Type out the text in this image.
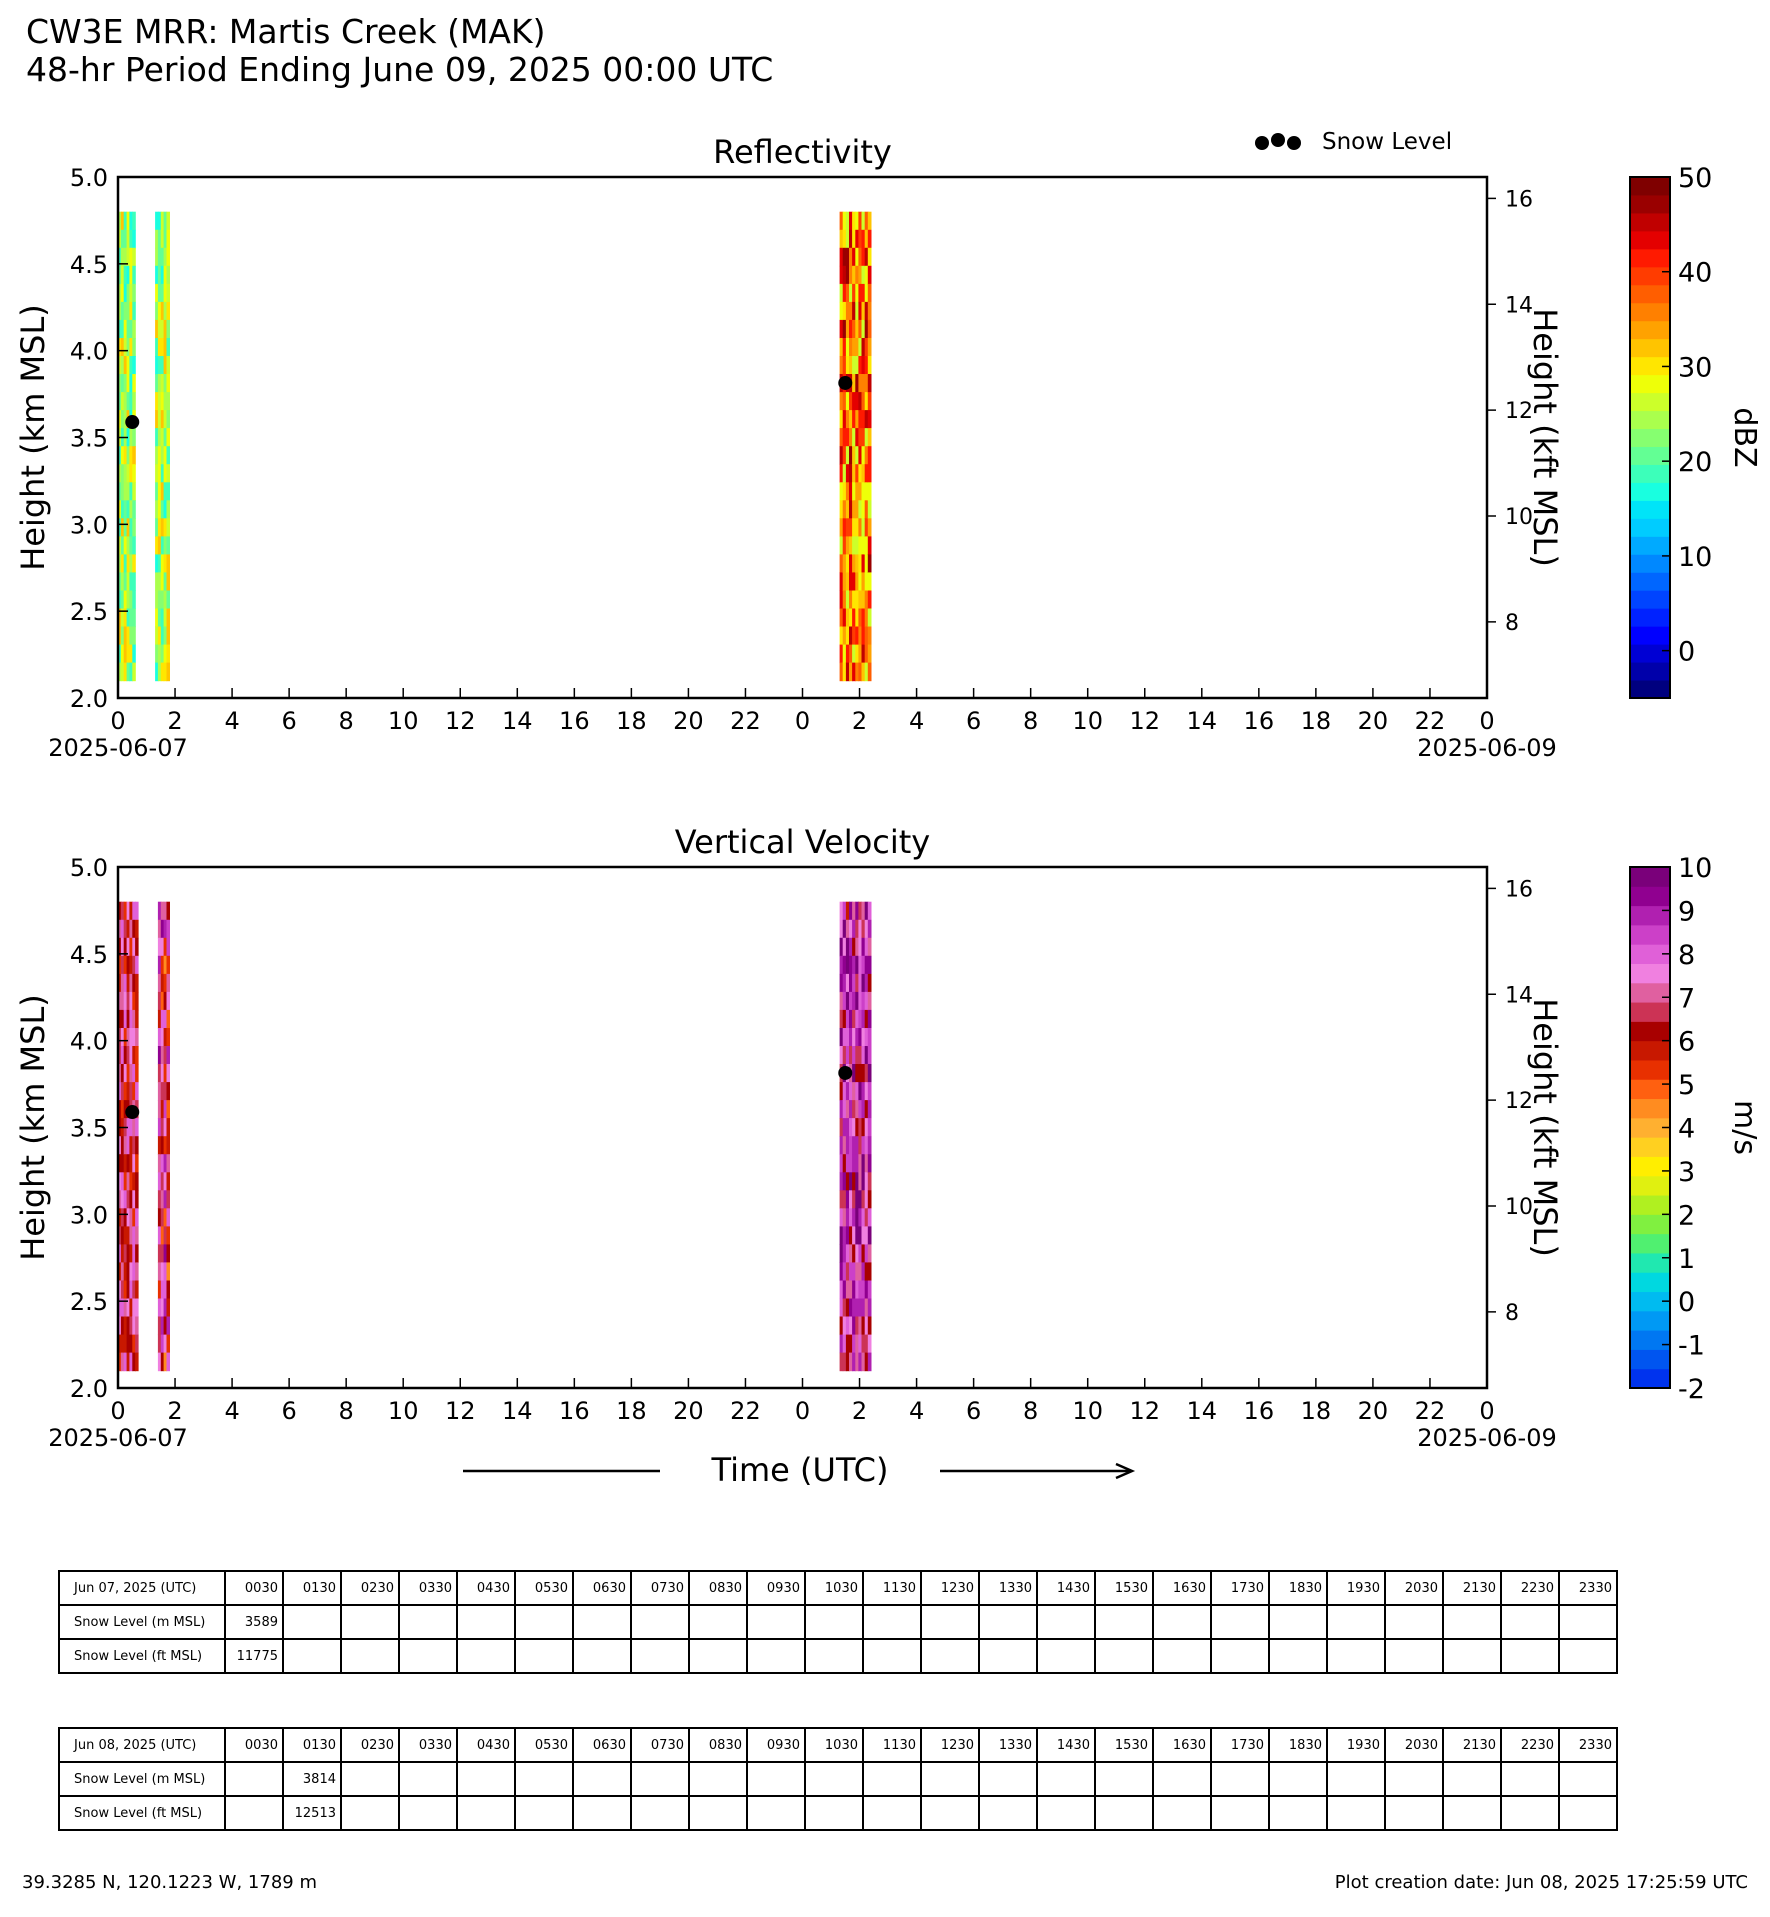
CW3E MRR: Martis Creek (MAK)
48-hr Period Ending June 09, 2025 00:00 UTC
Snow Level
Reflectivity
2.0
2.5
3.0
3.5
4.0
4.5
5.0
Height (km MSL)
8
10
12
14
16
Height (kft MSL)
0 2 4 6 8 10 12 14 16 18 20 22 0 2 4 6 8 10 12 14 16 18 20 22 0
2025-06-07	2025-06-09
0
10
20
30
40
50
dBZ
Vertical Velocity
2.0
2.5
3.0
3.5
4.0
4.5
5.0
Height (km MSL)
8
10
12
14
16
Height (kft MSL)
0 2 4 6 8 10 12 14 16 18 20 22 0 2 4 6 8 10 12 14 16 18 20 22 0
2025-06-07	2025-06-09
-2
-1
0
1
2
3
4
5
6
7
8
9
10
m/s
Time (UTC)
Jun 07, 2025 (UTC)	0030	0130	0230	0330	0430	0530	0630	0730	0830	0930	1030	1130	1230	1330	1430	1530	1630	1730	1830	1930	2030	2130	2230	2330
Snow Level (m MSL)	3589																							
Snow Level (ft MSL)	11775																							
Jun 08, 2025 (UTC)	0030	0130	0230	0330	0430	0530	0630	0730	0830	0930	1030	1130	1230	1330	1430	1530	1630	1730	1830	1930	2030	2130	2230	2330
Snow Level (m MSL)		3814																						
Snow Level (ft MSL)		12513																						
39.3285 N, 120.1223 W, 1789 m	Plot creation date: Jun 08, 2025 17:25:59 UTC
